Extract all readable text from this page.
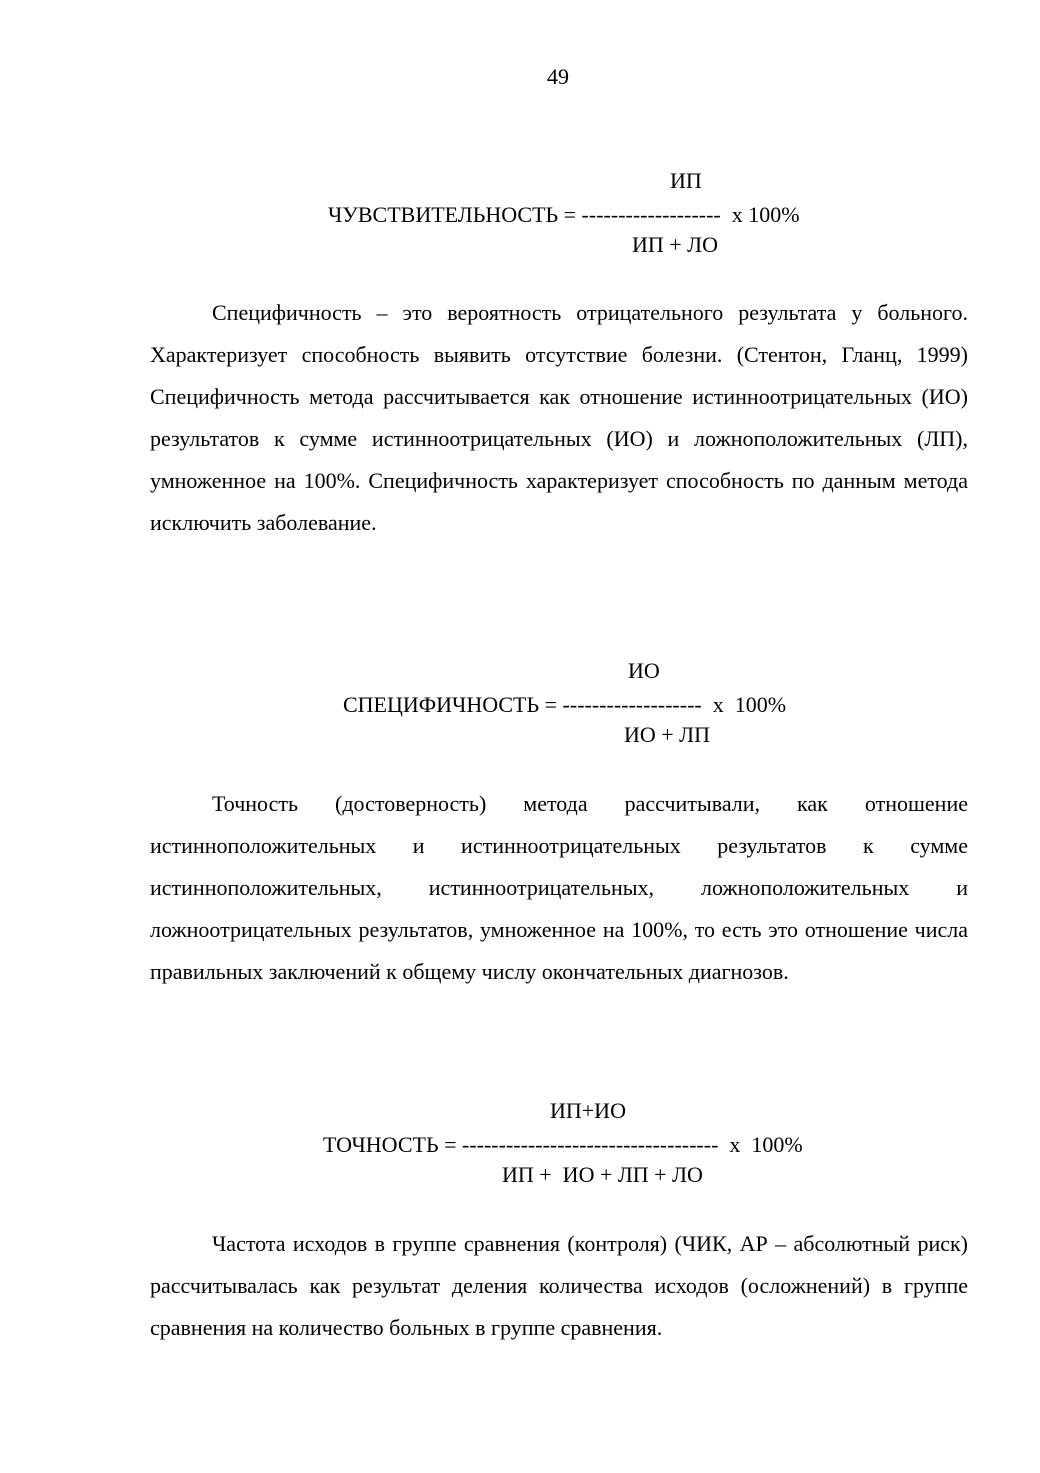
49
ИП
ЧУВСТВИТЕЛЬНОСТЬ = -------------------  х 100%
ИП + ЛО

Специфичность – это вероятность отрицательного результата у больного. Характеризует способность выявить отсутствие болезни. (Стентон, Гланц, 1999) Специфичность метода рассчитывается как отношение истинноотрицательных (ИО) результатов к сумме истинноотрицательных (ИО) и ложноположительных (ЛП), умноженное на 100%. Специфичность характеризует способность по данным метода исключить заболевание.

ИО
СПЕЦИФИЧНОСТЬ = -------------------  х  100%
ИО + ЛП

Точность (достоверность) метода рассчитывали, как отношение истинноположительных и истинноотрицательных результатов к сумме истинноположительных, истинноотрицательных, ложноположительных и ложноотрицательных результатов, умноженное на 100%, то есть это отношение числа правильных заключений к общему числу окончательных диагнозов.

ИП+ИО
ТОЧНОСТЬ = -----------------------------------  х  100%
ИП +  ИО + ЛП + ЛО

Частота исходов в группе сравнения (контроля) (ЧИК, АР – абсолютный риск) рассчитывалась как результат деления количества исходов (осложнений) в группе сравнения на количество больных в группе сравнения.
